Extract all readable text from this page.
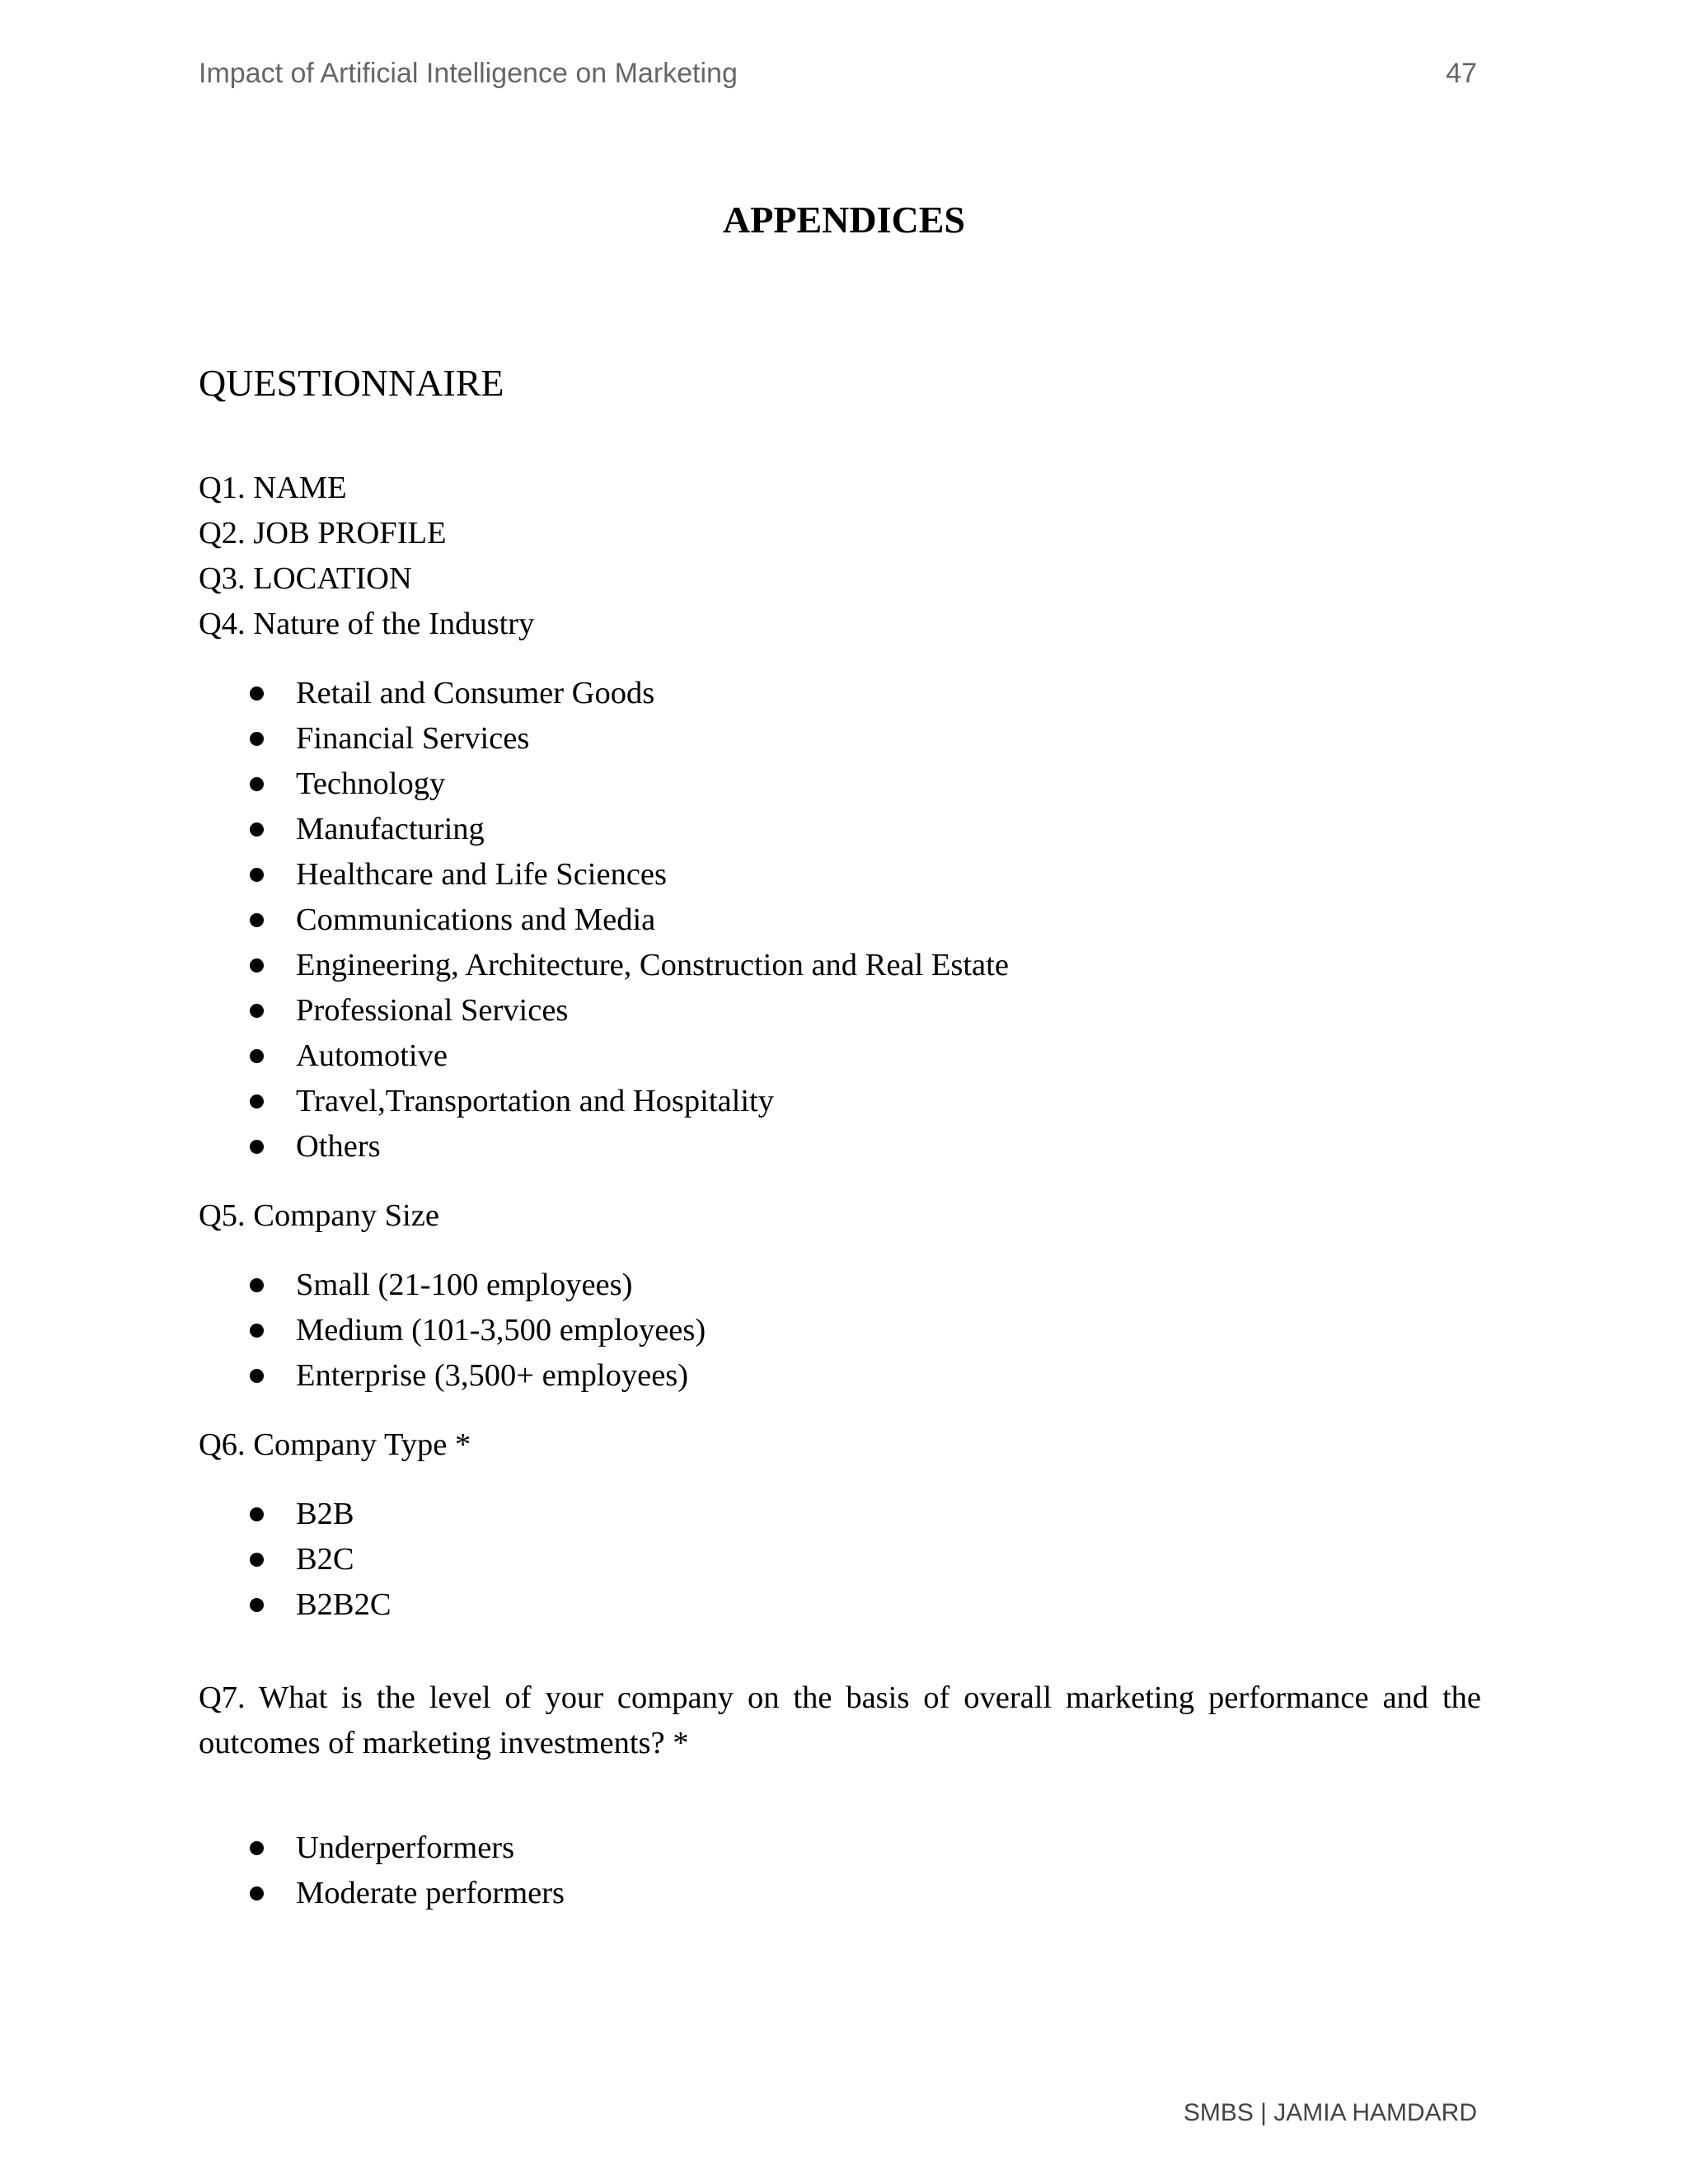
Impact of Artificial Intelligence on Marketing	47
APPENDICES
QUESTIONNAIRE

Q1. NAME

Q2. JOB PROFILE

Q3. LOCATION

Q4. Nature of the Industry

Retail and Consumer Goods
Financial Services
Technology
Manufacturing
Healthcare and Life Sciences
Communications and Media
Engineering, Architecture, Construction and Real Estate
Professional Services
Automotive
Travel,Transportation and Hospitality
Others

Q5. Company Size

Small (21-100 employees)
Medium (101-3,500 employees)
Enterprise (3,500+ employees)

Q6. Company Type *

B2B
B2C
B2B2C

Q7. What is the level of your company on the basis of overall marketing performance and the outcomes of marketing investments? *

Underperformers
Moderate performers
SMBS | JAMIA HAMDARD
